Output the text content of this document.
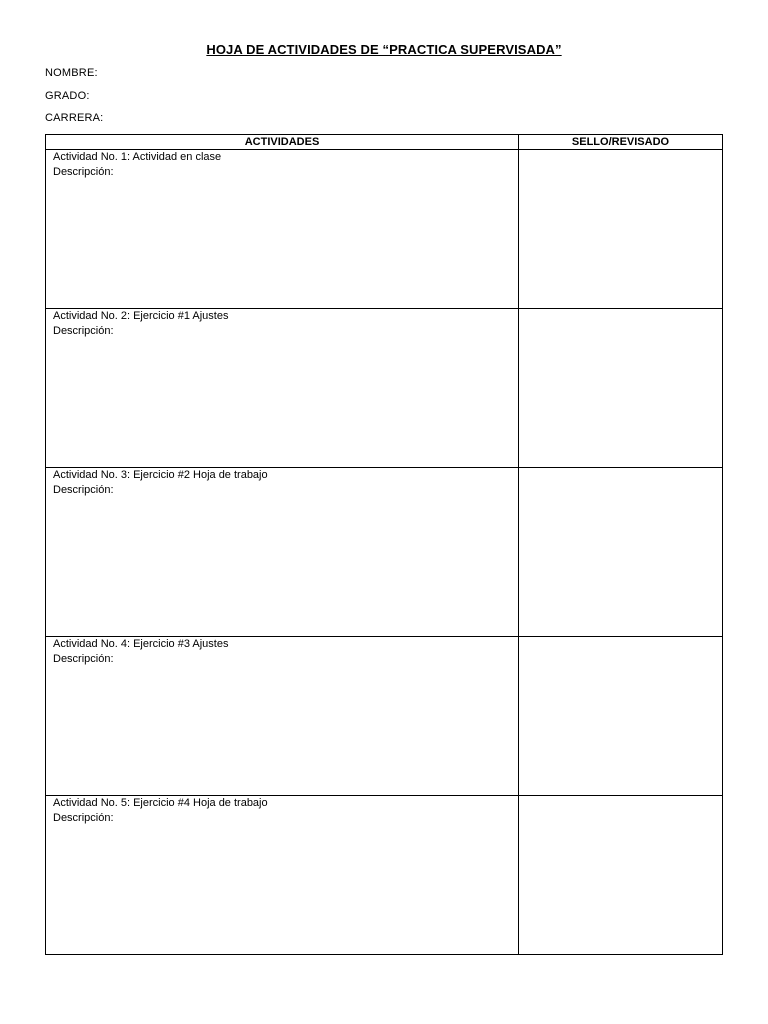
HOJA DE ACTIVIDADES DE “PRACTICA SUPERVISADA”
NOMBRE:
GRADO:
CARRERA:
ACTIVIDADES	SELLO/REVISADO

Actividad No. 1: Actividad en clase
Descripción:	

Actividad No. 2: Ejercicio #1 Ajustes
Descripción:	

Actividad No. 3: Ejercicio #2 Hoja de trabajo
Descripción:	

Actividad No. 4: Ejercicio #3 Ajustes
Descripción:	

Actividad No. 5: Ejercicio #4 Hoja de trabajo
Descripción:	
